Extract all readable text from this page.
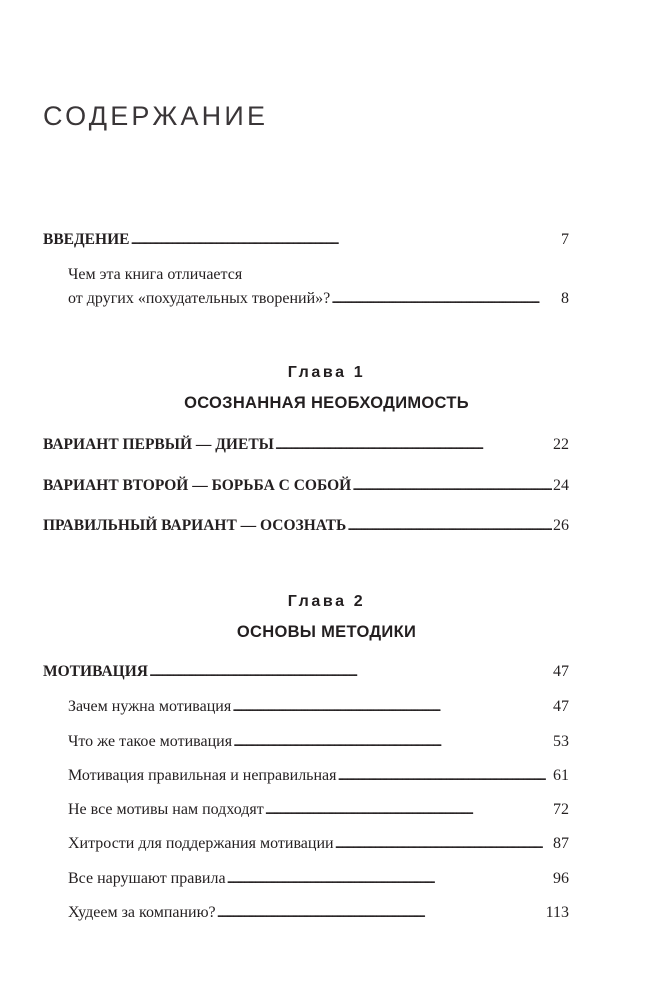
СОДЕРЖАНИЕ
ВВЕДЕНИЕ . . .	7
Чем эта книга отличается
от других «похудательных творений»? . . .	8
Глава 1
ОСОЗНАННАЯ НЕОБХОДИМОСТЬ
ВАРИАНТ ПЕРВЫЙ — ДИЕТЫ . . .	22
ВАРИАНТ ВТОРОЙ — БОРЬБА С СОБОЙ . . .	24
ПРАВИЛЬНЫЙ ВАРИАНТ — ОСОЗНАТЬ . . .	26
Глава 2
ОСНОВЫ МЕТОДИКИ
МОТИВАЦИЯ . . .	47
Зачем нужна мотивация . . .	47
Что же такое мотивация . . .	53
Мотивация правильная и неправильная . . .	61
Не все мотивы нам подходят . . .	72
Хитрости для поддержания мотивации . . .	87
Все нарушают правила . . .	96
Худеем за компанию? . . .	113
